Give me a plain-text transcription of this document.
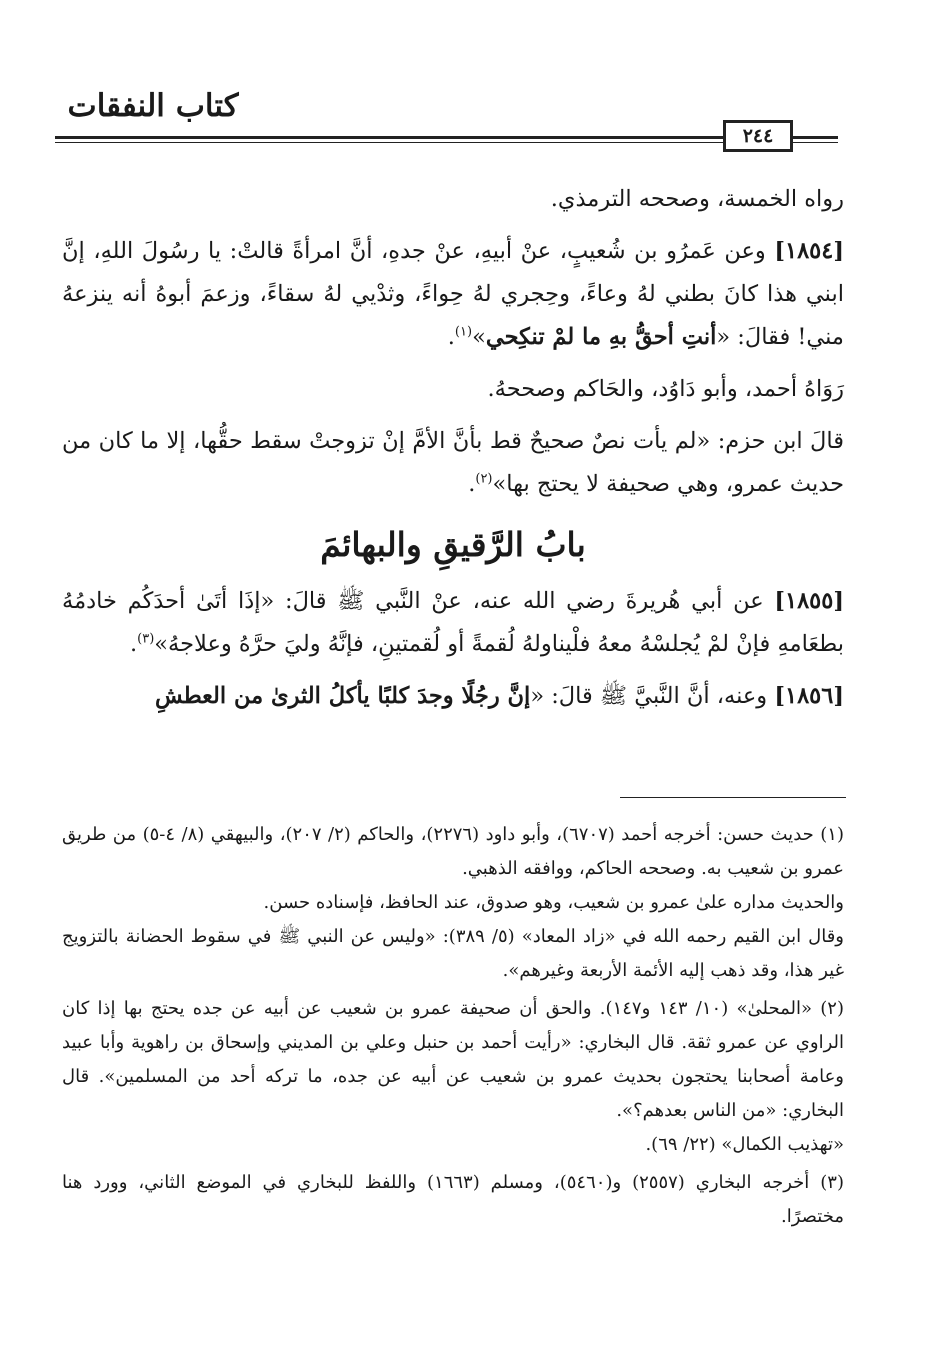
كتاب النفقات
٢٤٤

رواه الخمسة، وصححه الترمذي.

[١٨٥٤] وعن عَمرُو بن شُعيبٍ، عنْ أبيهِ، عنْ جدهِ، أنَّ امرأةً قالتْ: يا رسُولَ اللهِ، إنَّ ابني هذا كانَ بطني لهُ وعاءً، وحِجري لهُ حِواءً، وثدْيي لهُ سقاءً، وزعمَ أبوهُ أنه ينزعهُ مني! فقالَ: «أنتِ أحقُّ بهِ ما لمْ تنكِحي»$^{(١)}$.

رَوَاهُ أحمد، وأبو دَاوُد، والحَاكم وصححهُ.

قالَ ابن حزم: «لم يأت نصٌ صحيحٌ قط بأنَّ الأمَّ إنْ تزوجتْ سقط حقُّها، إلا ما كان من حديث عمرو، وهي صحيفة لا يحتج بها»$^{(٢)}$.

بابُ الرَّقيقِ والبهائمَ

[١٨٥٥] عن أبي هُريرةَ رضي الله عنه، عنْ النَّبي ﷺ قالَ: «إذَا أتَىٰ أحدَكُم خادمُهُ بطعَامهِ فإنْ لمْ يُجلسْهُ معهُ فلْيناولهُ لُقمةً أو لُقمتينِ، فإنَّهُ وليَ حرَّهُ وعلاجهُ»$^{(٣)}$.

[١٨٥٦] وعنه، أنَّ النَّبيَّ ﷺ قالَ: «إنَّ رجُلًا وجدَ كلبًا يأكلُ الثرىٰ من العطشِ

(١) حديث حسن: أخرجه أحمد (٦٧٠٧)، وأبو داود (٢٢٧٦)، والحاكم (٢/ ٢٠٧)، والبيهقي (٨/ ٤-٥) من طريق عمرو بن شعيب به. وصححه الحاكم، ووافقه الذهبي.

والحديث مداره علىٰ عمرو بن شعيب، وهو صدوق، عند الحافظ، فإسناده حسن.

وقال ابن القيم رحمه الله في «زاد المعاد» (٥/ ٣٨٩): «وليس عن النبي ﷺ في سقوط الحضانة بالتزويج غير هذا، وقد ذهب إليه الأئمة الأربعة وغيرهم».

(٢) «المحلىٰ» (١٠/ ١٤٣ و١٤٧). والحق أن صحيفة عمرو بن شعيب عن أبيه عن جده يحتج بها إذا كان الراوي عن عمرو ثقة. قال البخاري: «رأيت أحمد بن حنبل وعلي بن المديني وإسحاق بن راهوية وأبا عبيد وعامة أصحابنا يحتجون بحديث عمرو بن شعيب عن أبيه عن جده، ما تركه أحد من المسلمين». قال البخاري: «من الناس بعدهم؟».

«تهذيب الكمال» (٢٢/ ٦٩).

(٣) أخرجه البخاري (٢٥٥٧) و(٥٤٦٠)، ومسلم (١٦٦٣) واللفظ للبخاري في الموضع الثاني، وورد هنا مختصرًا.
